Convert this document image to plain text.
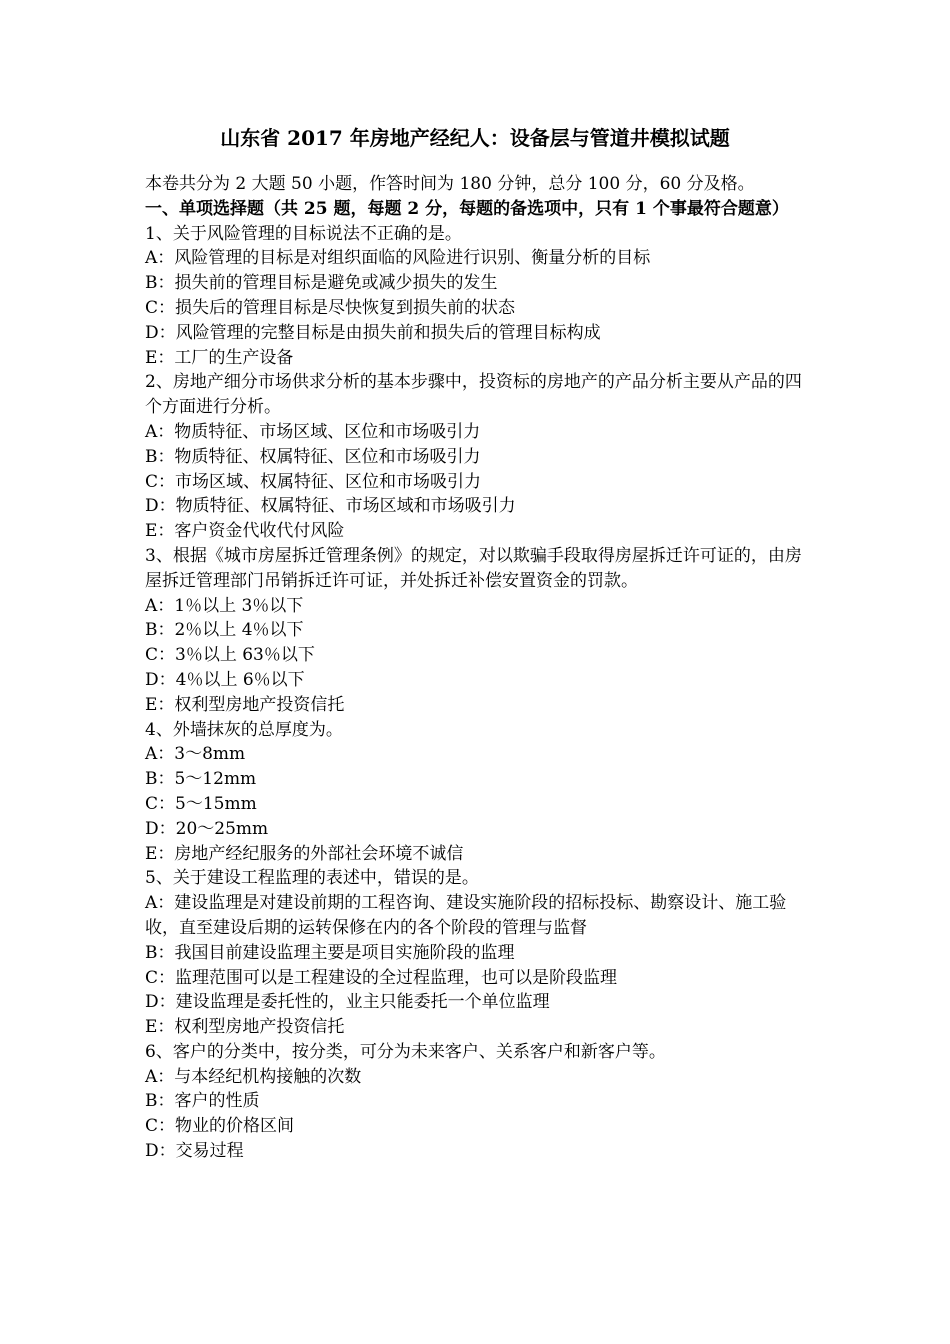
山东省 2017 年房地产经纪人：设备层与管道井模拟试题
本卷共分为 2 大题 50 小题，作答时间为 180 分钟，总分 100 分，60 分及格。
一、单项选择题（共 25 题，每题 2 分，每题的备选项中，只有 1 个事最符合题意）
1、关于风险管理的目标说法不正确的是。
A：风险管理的目标是对组织面临的风险进行识别、衡量分析的目标
B：损失前的管理目标是避免或减少损失的发生
C：损失后的管理目标是尽快恢复到损失前的状态
D：风险管理的完整目标是由损失前和损失后的管理目标构成
E：工厂的生产设备
2、房地产细分市场供求分析的基本步骤中，投资标的房地产的产品分析主要从产品的四个方面进行分析。
A：物质特征、市场区域、区位和市场吸引力
B：物质特征、权属特征、区位和市场吸引力
C：市场区域、权属特征、区位和市场吸引力
D：物质特征、权属特征、市场区域和市场吸引力
E：客户资金代收代付风险
3、根据《城市房屋拆迁管理条例》的规定，对以欺骗手段取得房屋拆迁许可证的，由房屋拆迁管理部门吊销拆迁许可证，并处拆迁补偿安置资金的罚款。
A：1％以上 3％以下
B：2％以上 4％以下
C：3％以上 63％以下
D：4％以上 6％以下
E：权利型房地产投资信托
4、外墙抹灰的总厚度为。
A：3～8mm
B：5～12mm
C：5～15mm
D：20～25mm
E：房地产经纪服务的外部社会环境不诚信
5、关于建设工程监理的表述中，错误的是。
A：建设监理是对建设前期的工程咨询、建设实施阶段的招标投标、勘察设计、施工验收，直至建设后期的运转保修在内的各个阶段的管理与监督
B：我国目前建设监理主要是项目实施阶段的监理
C：监理范围可以是工程建设的全过程监理，也可以是阶段监理
D：建设监理是委托性的，业主只能委托一个单位监理
E：权利型房地产投资信托
6、客户的分类中，按分类，可分为未来客户、关系客户和新客户等。
A：与本经纪机构接触的次数
B：客户的性质
C：物业的价格区间
D：交易过程
